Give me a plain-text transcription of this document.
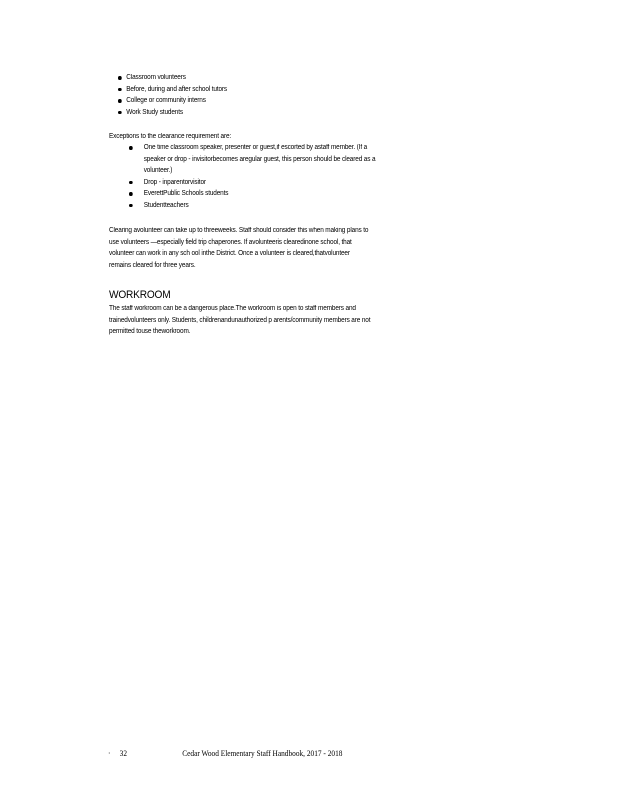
Classroom volunteers
Before, during and after school tutors
College or community interns
Work Study students
Exceptions to the clearance requirement are:
One time classroom speaker, presenter or guest,if escorted by astaff member. (If a
speaker or drop - invisitorbecomes aregular guest, this person should be cleared as a
volunteer.)
Drop - inparentorvisitor
EverettPublic Schools students
Studentteachers
Clearing avolunteer can take up to threeweeks. Staff should consider this when making plans to
use volunteers —especially field trip chaperones. If avolunteeris clearedinone school, that
volunteer can work in any sch ool inthe District. Once a volunteer is cleared,thatvolunteer
remains cleared for three years.
WORKROOM
The staff workroom can be a dangerous place.The workroom is open to staff members and
trainedvolunteers only. Students, childrenandunauthorized p arents/community members are not
permitted touse theworkroom.
· 32	Cedar Wood Elementary Staff Handbook, 2017 - 2018
